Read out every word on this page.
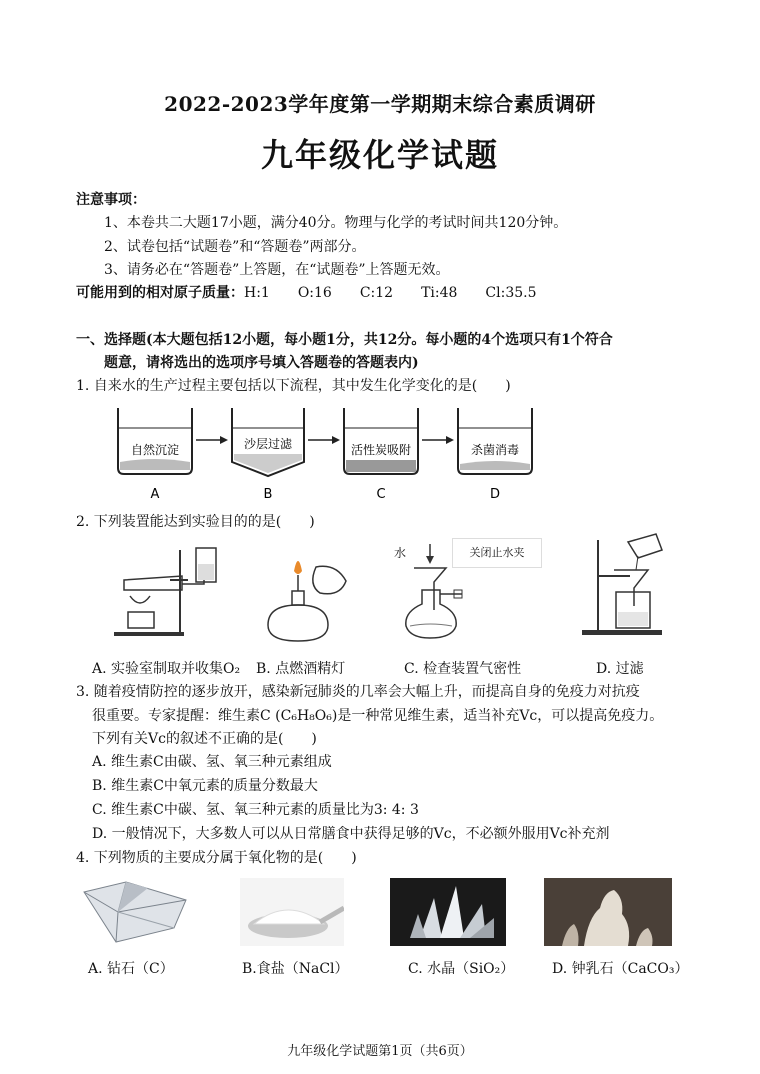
2022-2023学年度第一学期期末综合素质调研
九年级化学试题
注意事项：
1、本卷共二大题17小题，满分40分。物理与化学的考试时间共120分钟。
2、试卷包括“试题卷”和“答题卷”两部分。
3、请务必在“答题卷”上答题，在“试题卷”上答题无效。
可能用到的相对原子质量：H:1　　O:16　　C:12　　Ti:48　　Cl:35.5
一、选择题(本大题包括12小题，每小题1分，共12分。每小题的4个选项只有1个符合
题意，请将选出的选项序号填入答题卷的答题表内)
1. 自来水的生产过程主要包括以下流程，其中发生化学变化的是(　　)
自然沉淀
A
沙层过滤
B
活性炭吸附
C
杀菌消毒
D
2. 下列装置能达到实验目的的是(　　)
水	关闭止水夹
A. 实验室制取并收集O₂ B. 点燃酒精灯	C. 检查装置气密性	D. 过滤
3. 随着疫情防控的逐步放开，感染新冠肺炎的几率会大幅上升，而提高自身的免疫力对抗疫
很重要。专家提醒：维生素C (C₆H₈O₆)是一种常见维生素，适当补充Vc，可以提高免疫力。
下列有关Vc的叙述不正确的是(　　)
A. 维生素C由碳、氢、氧三种元素组成
B. 维生素C中氧元素的质量分数最大
C. 维生素C中碳、氢、氧三种元素的质量比为3: 4: 3
D. 一般情况下，大多数人可以从日常膳食中获得足够的Vc，不必额外服用Vc补充剂
4. 下列物质的主要成分属于氧化物的是(　　)
A. 钻石（C）	B.食盐（NaCl）	C. 水晶（SiO₂）	D. 钟乳石（CaCO₃）
九年级化学试题第1页（共6页）
